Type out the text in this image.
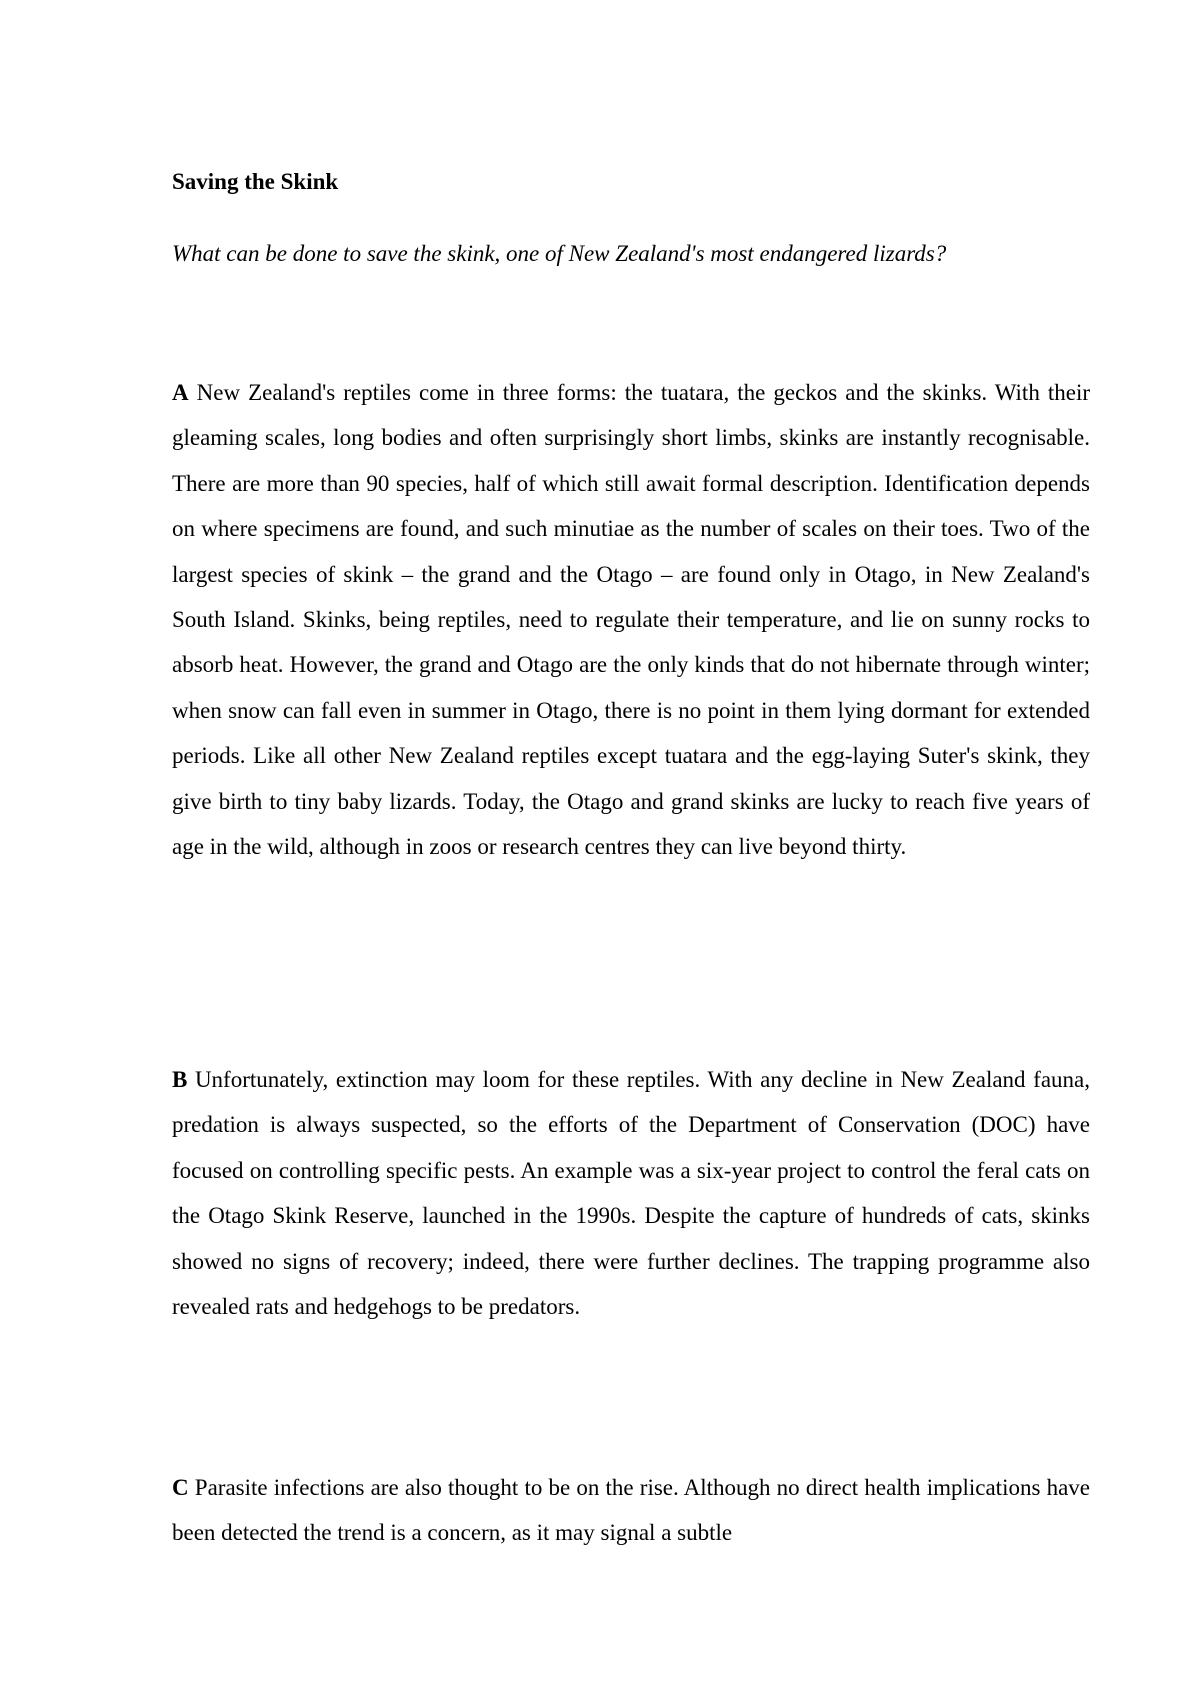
Saving the Skink

What can be done to save the skink, one of New Zealand's most endangered lizards?

A New Zealand's reptiles come in three forms: the tuatara, the geckos and the skinks. With their gleaming scales, long bodies and often surprisingly short limbs, skinks are instantly recognisable. There are more than 90 species, half of which still await formal description. Identification depends on where specimens are found, and such minutiae as the number of scales on their toes. Two of the largest species of skink – the grand and the Otago – are found only in Otago, in New Zealand's South Island. Skinks, being reptiles, need to regulate their temperature, and lie on sunny rocks to absorb heat. However, the grand and Otago are the only kinds that do not hibernate through winter; when snow can fall even in summer in Otago, there is no point in them lying dormant for extended periods. Like all other New Zealand reptiles except tuatara and the egg-laying Suter's skink, they give birth to tiny baby lizards. Today, the Otago and grand skinks are lucky to reach five years of age in the wild, although in zoos or research centres they can live beyond thirty.

B Unfortunately, extinction may loom for these reptiles. With any decline in New Zealand fauna, predation is always suspected, so the efforts of the Department of Conservation (DOC) have focused on controlling specific pests. An example was a six-year project to control the feral cats on the Otago Skink Reserve, launched in the 1990s. Despite the capture of hundreds of cats, skinks showed no signs of recovery; indeed, there were further declines. The trapping programme also revealed rats and hedgehogs to be predators.

C Parasite infections are also thought to be on the rise. Although no direct health implications have been detected the trend is a concern, as it may signal a subtle
